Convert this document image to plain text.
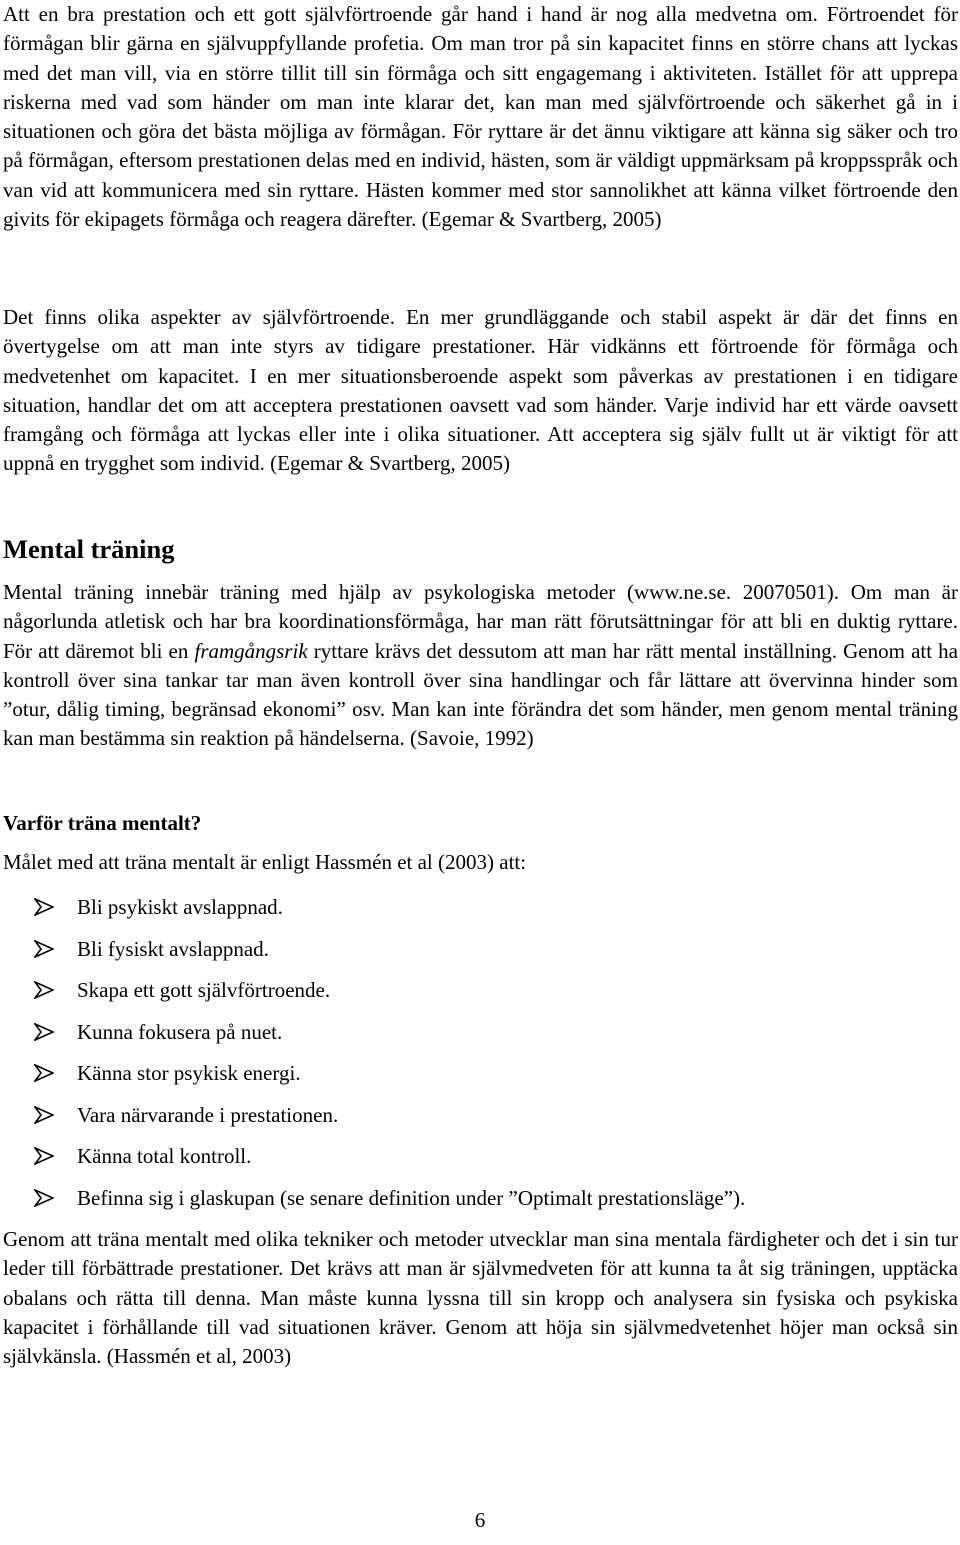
Att en bra prestation och ett gott självförtroende går hand i hand är nog alla medvetna om. Förtroendet för förmågan blir gärna en självuppfyllande profetia. Om man tror på sin kapacitet finns en större chans att lyckas med det man vill, via en större tillit till sin förmåga och sitt engagemang i aktiviteten. Istället för att upprepa riskerna med vad som händer om man inte klarar det, kan man med självförtroende och säkerhet gå in i situationen och göra det bästa möjliga av förmågan. För ryttare är det ännu viktigare att känna sig säker och tro på förmågan, eftersom prestationen delas med en individ, hästen, som är väldigt uppmärksam på kroppsspråk och van vid att kommunicera med sin ryttare. Hästen kommer med stor sannolikhet att känna vilket förtroende den givits för ekipagets förmåga och reagera därefter. (Egemar & Svartberg, 2005)

Det finns olika aspekter av självförtroende. En mer grundläggande och stabil aspekt är där det finns en övertygelse om att man inte styrs av tidigare prestationer. Här vidkänns ett förtroende för förmåga och medvetenhet om kapacitet. I en mer situationsberoende aspekt som påverkas av prestationen i en tidigare situation, handlar det om att acceptera prestationen oavsett vad som händer. Varje individ har ett värde oavsett framgång och förmåga att lyckas eller inte i olika situationer. Att acceptera sig själv fullt ut är viktigt för att uppnå en trygghet som individ. (Egemar & Svartberg, 2005)

Mental träning

Mental träning innebär träning med hjälp av psykologiska metoder (www.ne.se. 20070501). Om man är någorlunda atletisk och har bra koordinationsförmåga, har man rätt förutsättningar för att bli en duktig ryttare. För att däremot bli en framgångsrik ryttare krävs det dessutom att man har rätt mental inställning. Genom att ha kontroll över sina tankar tar man även kontroll över sina handlingar och får lättare att övervinna hinder som ”otur, dålig timing, begränsad ekonomi” osv. Man kan inte förändra det som händer, men genom mental träning kan man bestämma sin reaktion på händelserna. (Savoie, 1992)

Varför träna mentalt?

Målet med att träna mentalt är enligt Hassmén et al (2003) att:

Bli psykiskt avslappnad.
Bli fysiskt avslappnad.
Skapa ett gott självförtroende.
Kunna fokusera på nuet.
Känna stor psykisk energi.
Vara närvarande i prestationen.
Känna total kontroll.
Befinna sig i glaskupan (se senare definition under ”Optimalt prestationsläge”).

Genom att träna mentalt med olika tekniker och metoder utvecklar man sina mentala färdigheter och det i sin tur leder till förbättrade prestationer. Det krävs att man är självmedveten för att kunna ta åt sig träningen, upptäcka obalans och rätta till denna. Man måste kunna lyssna till sin kropp och analysera sin fysiska och psykiska kapacitet i förhållande till vad situationen kräver. Genom att höja sin självmedvetenhet höjer man också sin självkänsla. (Hassmén et al, 2003)

6
